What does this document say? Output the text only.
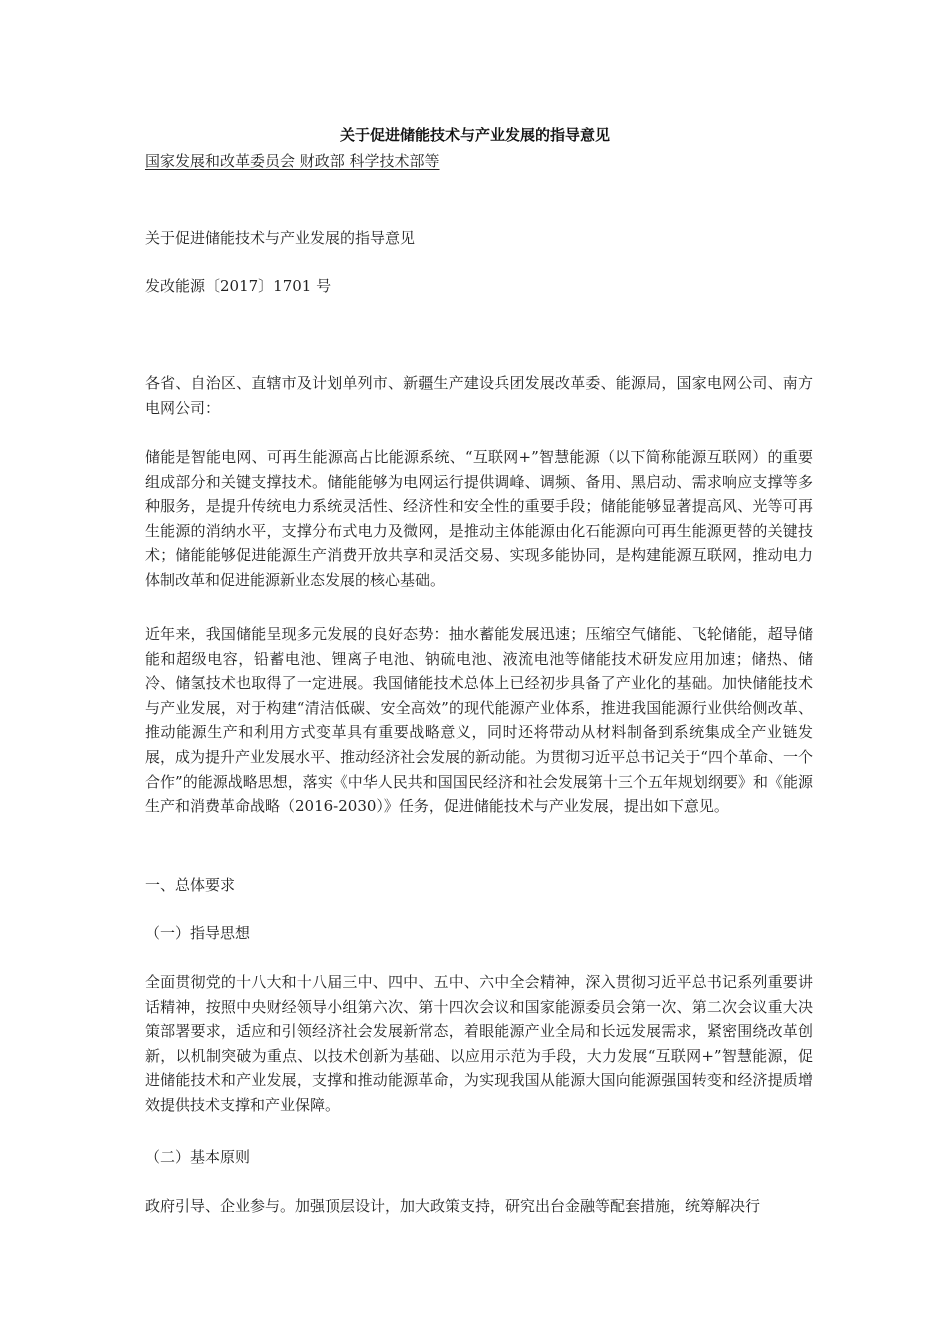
关于促进储能技术与产业发展的指导意见
国家发展和改革委员会 财政部 科学技术部等

关于促进储能技术与产业发展的指导意见

发改能源〔2017〕1701 号

各省、自治区、直辖市及计划单列市、新疆生产建设兵团发展改革委、能源局，国家电网公司、南方电网公司：

储能是智能电网、可再生能源高占比能源系统、“互联网+”智慧能源（以下简称能源互联网）的重要组成部分和关键支撑技术。储能能够为电网运行提供调峰、调频、备用、黑启动、需求响应支撑等多种服务，是提升传统电力系统灵活性、经济性和安全性的重要手段；储能能够显著提高风、光等可再生能源的消纳水平，支撑分布式电力及微网，是推动主体能源由化石能源向可再生能源更替的关键技术；储能能够促进能源生产消费开放共享和灵活交易、实现多能协同，是构建能源互联网，推动电力体制改革和促进能源新业态发展的核心基础。

近年来，我国储能呈现多元发展的良好态势：抽水蓄能发展迅速；压缩空气储能、飞轮储能，超导储能和超级电容，铅蓄电池、锂离子电池、钠硫电池、液流电池等储能技术研发应用加速；储热、储冷、储氢技术也取得了一定进展。我国储能技术总体上已经初步具备了产业化的基础。加快储能技术与产业发展，对于构建“清洁低碳、安全高效”的现代能源产业体系，推进我国能源行业供给侧改革、推动能源生产和利用方式变革具有重要战略意义，同时还将带动从材料制备到系统集成全产业链发展，成为提升产业发展水平、推动经济社会发展的新动能。为贯彻习近平总书记关于“四个革命、一个合作”的能源战略思想，落实《中华人民共和国国民经济和社会发展第十三个五年规划纲要》和《能源生产和消费革命战略（2016-2030）》任务，促进储能技术与产业发展，提出如下意见。

一、总体要求

（一）指导思想

全面贯彻党的十八大和十八届三中、四中、五中、六中全会精神，深入贯彻习近平总书记系列重要讲话精神，按照中央财经领导小组第六次、第十四次会议和国家能源委员会第一次、第二次会议重大决策部署要求，适应和引领经济社会发展新常态，着眼能源产业全局和长远发展需求，紧密围绕改革创新，以机制突破为重点、以技术创新为基础、以应用示范为手段，大力发展“互联网+”智慧能源，促进储能技术和产业发展，支撑和推动能源革命，为实现我国从能源大国向能源强国转变和经济提质增效提供技术支撑和产业保障。

（二）基本原则

政府引导、企业参与。加强顶层设计，加大政策支持，研究出台金融等配套措施，统筹解决行
